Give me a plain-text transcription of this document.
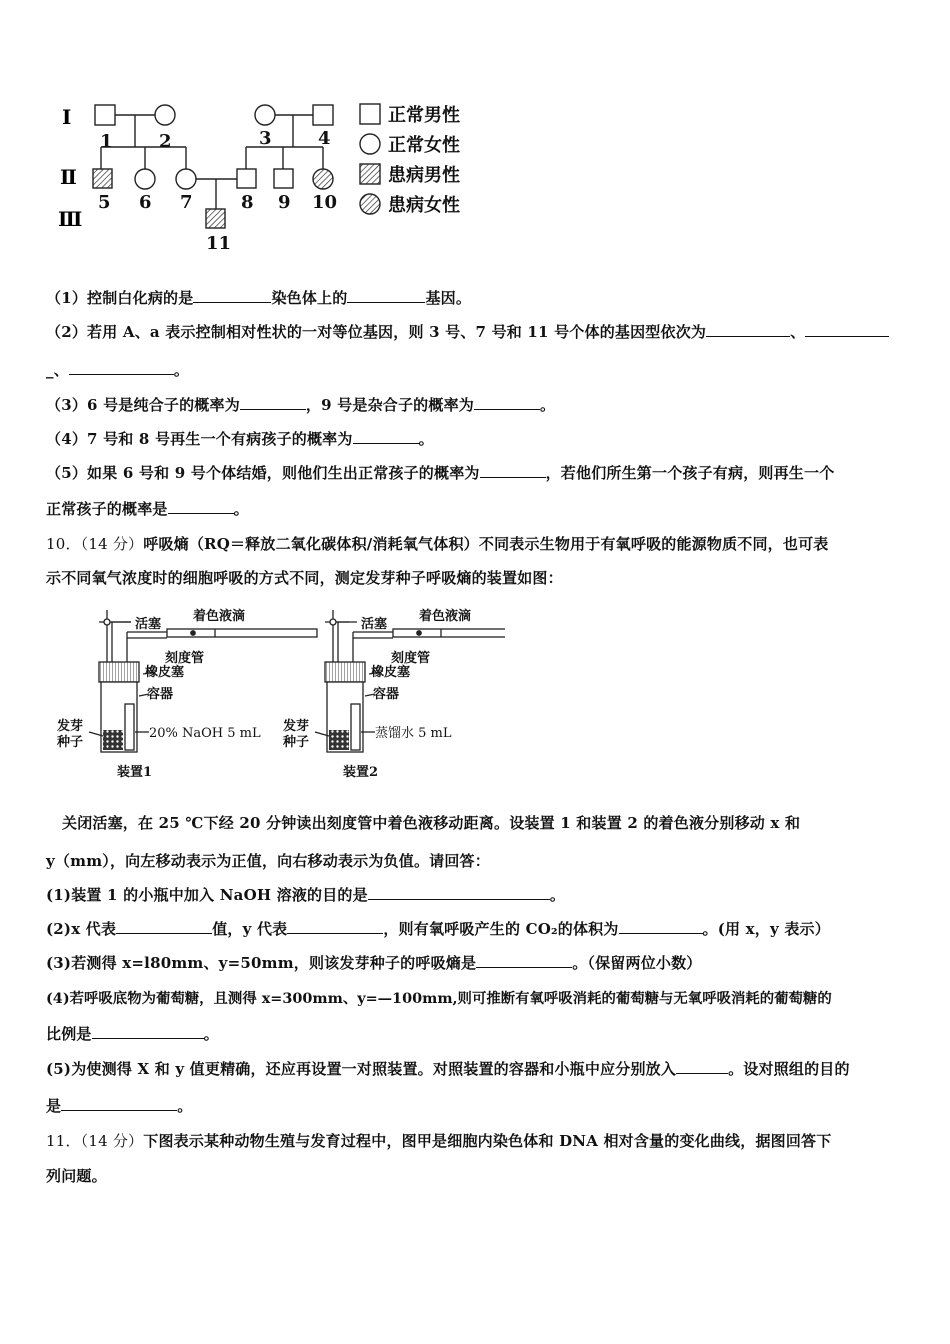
Ⅰ
Ⅱ
Ⅲ
1	2	3	4
5 6 7	8 9 10
11
正常男性
正常女性
患病男性
患病女性
（1）控制白化病的是	染色体上的	基因。
（2）若用 A、a 表示控制相对性状的一对等位基因，则 3 号、7 号和 11 号个体的基因型依次为	、
_、	。
（3）6 号是纯合子的概率为	，9 号是杂合子的概率为	。
（4）7 号和 8 号再生一个有病孩子的概率为	。
（5）如果 6 号和 9 号个体结婚，则他们生出正常孩子的概率为	，若他们所生第一个孩子有病，则再生一个
正常孩子的概率是	。
10．（14 分）呼吸熵（RQ＝释放二氧化碳体积/消耗氧气体积）不同表示生物用于有氧呼吸的能源物质不同，也可表
示不同氧气浓度时的细胞呼吸的方式不同，测定发芽种子呼吸熵的装置如图：
活塞
着色液滴
刻度管
橡皮塞
容器
发芽
种子
20% NaOH 5 mL
装置1
活塞
着色液滴
刻度管
橡皮塞
容器
发芽
种子
蒸馏水 5 mL
装置2
关闭活塞，在 25 ℃下经 20 分钟读出刻度管中着色液移动距离。设装置 1 和装置 2 的着色液分别移动 x 和
y（mm），向左移动表示为正值，向右移动表示为负值。请回答：
(1)装置 1 的小瓶中加入 NaOH 溶液的目的是	。
(2)x 代表	值，y 代表	，则有氧呼吸产生的 CO₂的体积为	。(用 x，y 表示）
(3)若测得 x=l80mm、y=50mm，则该发芽种子的呼吸熵是	。（保留两位小数）
(4)若呼吸底物为葡萄糖，且测得 x=300mm、y=—100mm,则可推断有氧呼吸消耗的葡萄糖与无氧呼吸消耗的葡萄糖的
比例是	。
(5)为使测得 X 和 y 值更精确，还应再设置一对照装置。对照装置的容器和小瓶中应分别放入	。设对照组的目的
是	。
11．（14 分）下图表示某种动物生殖与发育过程中，图甲是细胞内染色体和 DNA 相对含量的变化曲线，据图回答下
列问题。
